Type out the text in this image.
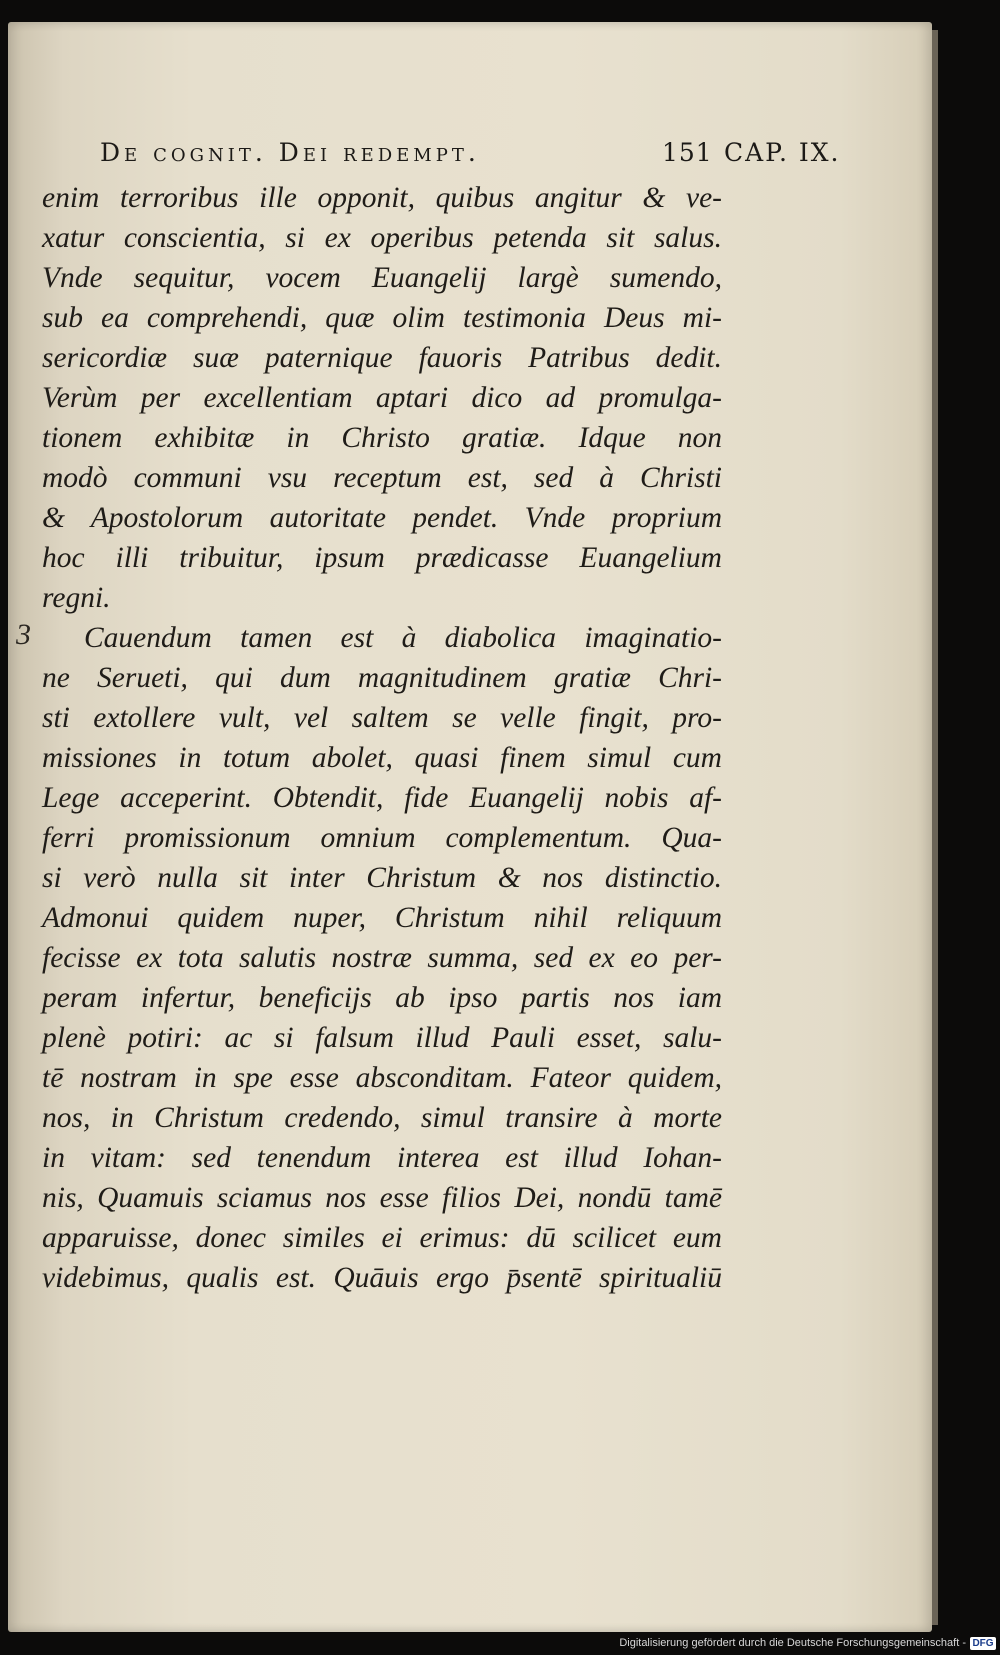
De cognit. Dei redempt.	151 CAP. IX.
enim terroribus ille opponit, quibus angitur & ve-
xatur conscientia, si ex operibus petenda sit salus.
Vnde sequitur, vocem Euangelij largè sumendo,
sub ea comprehendi, quæ olim testimonia Deus mi-
sericordiæ suæ paternique fauoris Patribus dedit.
Verùm per excellentiam aptari dico ad promulga-
tionem exhibitæ in Christo gratiæ. Idque non
modò communi vsu receptum est, sed à Christi
& Apostolorum autoritate pendet. Vnde proprium
hoc illi tribuitur, ipsum prædicasse Euangelium
regni.
3	Cauendum tamen est à diabolica imaginatio-
ne Serueti, qui dum magnitudinem gratiæ Chri-
sti extollere vult, vel saltem se velle fingit, pro-
missiones in totum abolet, quasi finem simul cum
Lege acceperint. Obtendit, fide Euangelij nobis af-
ferri promissionum omnium complementum. Qua-
si verò nulla sit inter Christum & nos distinctio.
Admonui quidem nuper, Christum nihil reliquum
fecisse ex tota salutis nostræ summa, sed ex eo per-
peram infertur, beneficijs ab ipso partis nos iam
plenè potiri: ac si falsum illud Pauli esset, salu-
tē nostram in spe esse absconditam. Fateor quidem,
nos, in Christum credendo, simul transire à morte
in vitam: sed tenendum interea est illud Iohan-
nis, Quamuis sciamus nos esse filios Dei, nondū tamē
apparuisse, donec similes ei erimus: dū scilicet eum
videbimus, qualis est. Quāuis ergo p̄sentē spiritualiū
Digitalisierung gefördert durch die Deutsche Forschungsgemeinschaft - DFG
